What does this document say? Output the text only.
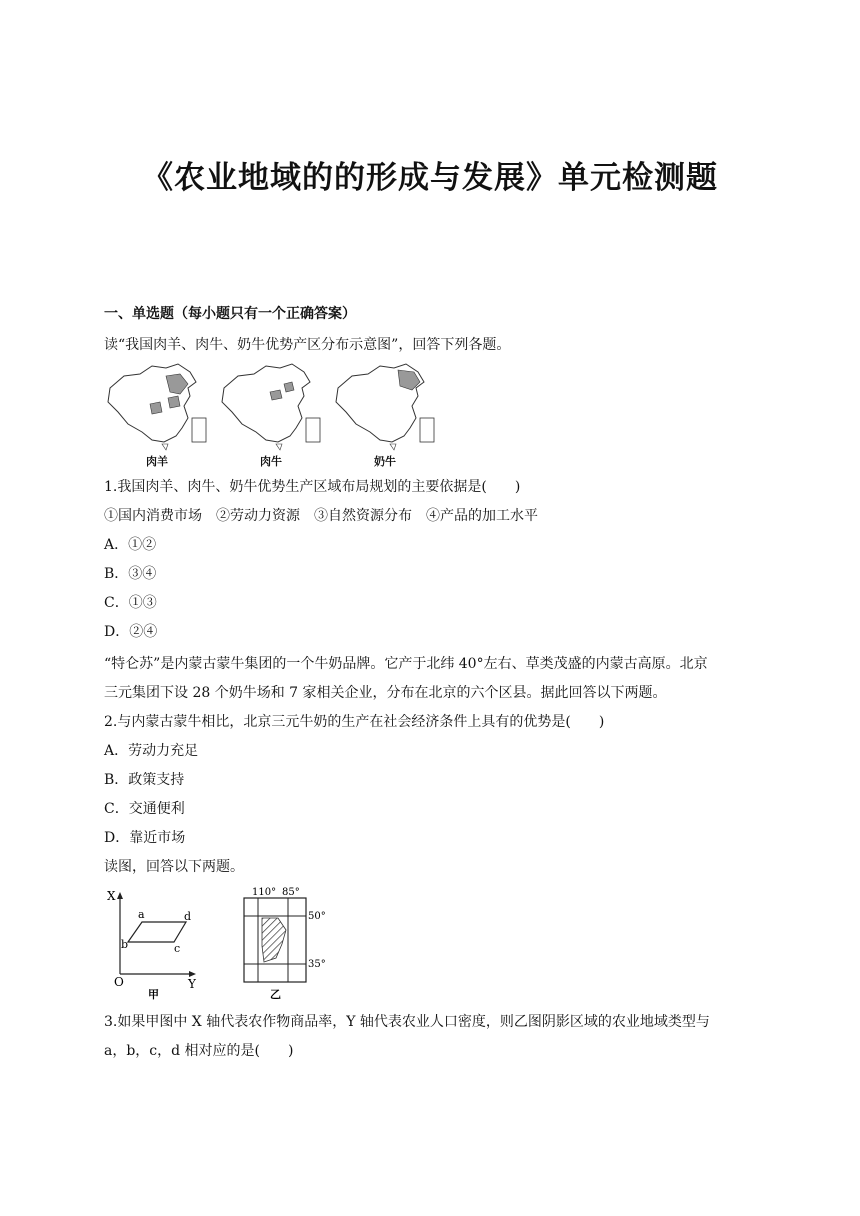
《农业地域的的形成与发展》单元检测题
一、单选题（每小题只有一个正确答案）
读“我国肉羊、肉牛、奶牛优势产区分布示意图”，回答下列各题。
肉羊	肉牛	奶牛
1.我国肉羊、肉牛、奶牛优势生产区域布局规划的主要依据是(　　)
①国内消费市场　②劳动力资源　③自然资源分布　④产品的加工水平
A．①②
B．③④
C．①③
D．②④
“特仑苏”是内蒙古蒙牛集团的一个牛奶品牌。它产于北纬 40°左右、草类茂盛的内蒙古高原。北京
三元集团下设 28 个奶牛场和 7 家相关企业，分布在北京的六个区县。据此回答以下两题。
2.与内蒙古蒙牛相比，北京三元牛奶的生产在社会经济条件上具有的优势是(　　)
A．劳动力充足
B．政策支持
C．交通便利
D．靠近市场
读图，回答以下两题。
X
Y
O
a
b	c
d
甲
110° 85°
50°
35°
乙
3.如果甲图中 X 轴代表农作物商品率，Y 轴代表农业人口密度，则乙图阴影区域的农业地域类型与
a，b，c，d 相对应的是(　　)
